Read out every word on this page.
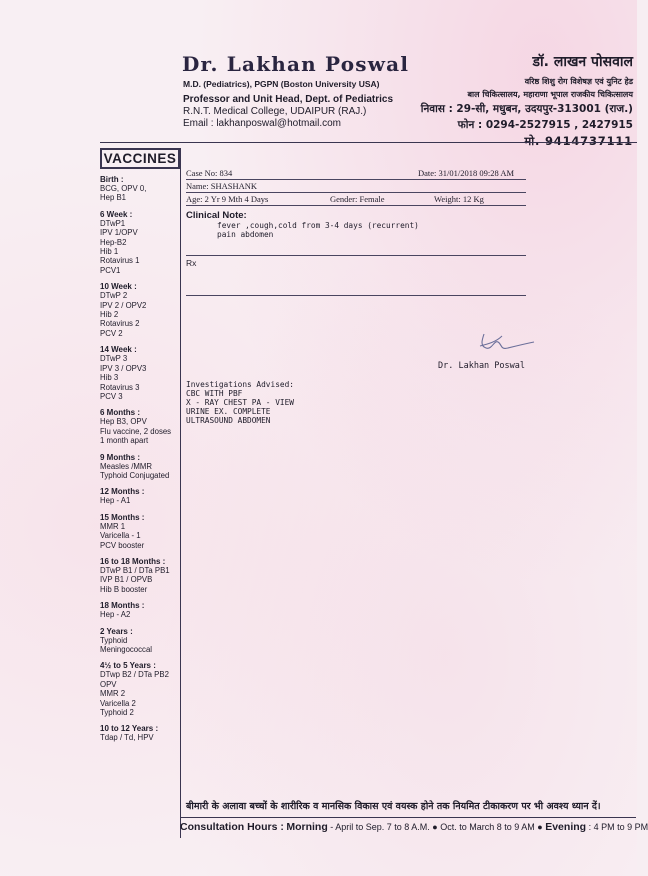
Dr. Lakhan Poswal
M.D. (Pediatrics), PGPN (Boston University USA)
Professor and Unit Head, Dept. of Pediatrics
R.N.T. Medical College, UDAIPUR (RAJ.)
Email : lakhanposwal@hotmail.com
डॉ. लाखन पोसवाल
वरिष्ठ शिशु रोग विशेषज्ञ एवं युनिट हेड
बाल चिकित्सालय, महाराणा भूपाल राजकीय चिकित्सालय
निवास : 29-सी, मधुबन, उदयपुर-313001 (राज.)
फोन : 0294-2527915 , 2427915
मो. 9414737111
VACCINES
Birth :
BCG, OPV 0,
Hep B1
6 Week :
DTwP1
IPV 1/OPV
Hep-B2
Hib 1
Rotavirus 1
PCV1
10 Week :
DTwP 2
IPV 2 / OPV2
Hib 2
Rotavirus 2
PCV 2
14 Week :
DTwP 3
IPV 3 / OPV3
Hib 3
Rotavirus 3
PCV 3
6 Months :
Hep B3, OPV
Flu vaccine, 2 doses
1 month apart
9 Months :
Measles /MMR
Typhoid Conjugated
12 Months :
Hep - A1
15 Months :
MMR 1
Varicella - 1
PCV booster
16 to 18 Months :
DTwP B1 / DTa PB1
IVP B1 / OPVB
Hib B booster
18 Months :
Hep - A2
2 Years :
Typhoid
Meningococcal
4½ to 5 Years :
DTwp B2 / DTa PB2
OPV
MMR 2
Varicella 2
Typhoid 2
10 to 12 Years :
Tdap / Td, HPV
Case No: 834	Date: 31/01/2018 09:28 AM
Name: SHASHANK
Age: 2 Yr 9 Mth 4 Days	Gender: Female	Weight: 12 Kg
Clinical Note:
fever ,cough,cold from 3-4 days (recurrent)
pain abdomen
Rx
Dr. Lakhan Poswal
Investigations Advised:
CBC WITH PBF
X - RAY CHEST PA - VIEW
URINE EX. COMPLETE
ULTRASOUND ABDOMEN
बीमारी के अलावा बच्चों के शारीरिक व मानसिक विकास एवं वयस्क होने तक नियमित टीकाकरण पर भी अवश्य ध्यान दें।
Consultation Hours : Morning - April to Sep. 7 to 8 A.M. ● Oct. to March 8 to 9 AM ● Evening : 4 PM to 9 PM
